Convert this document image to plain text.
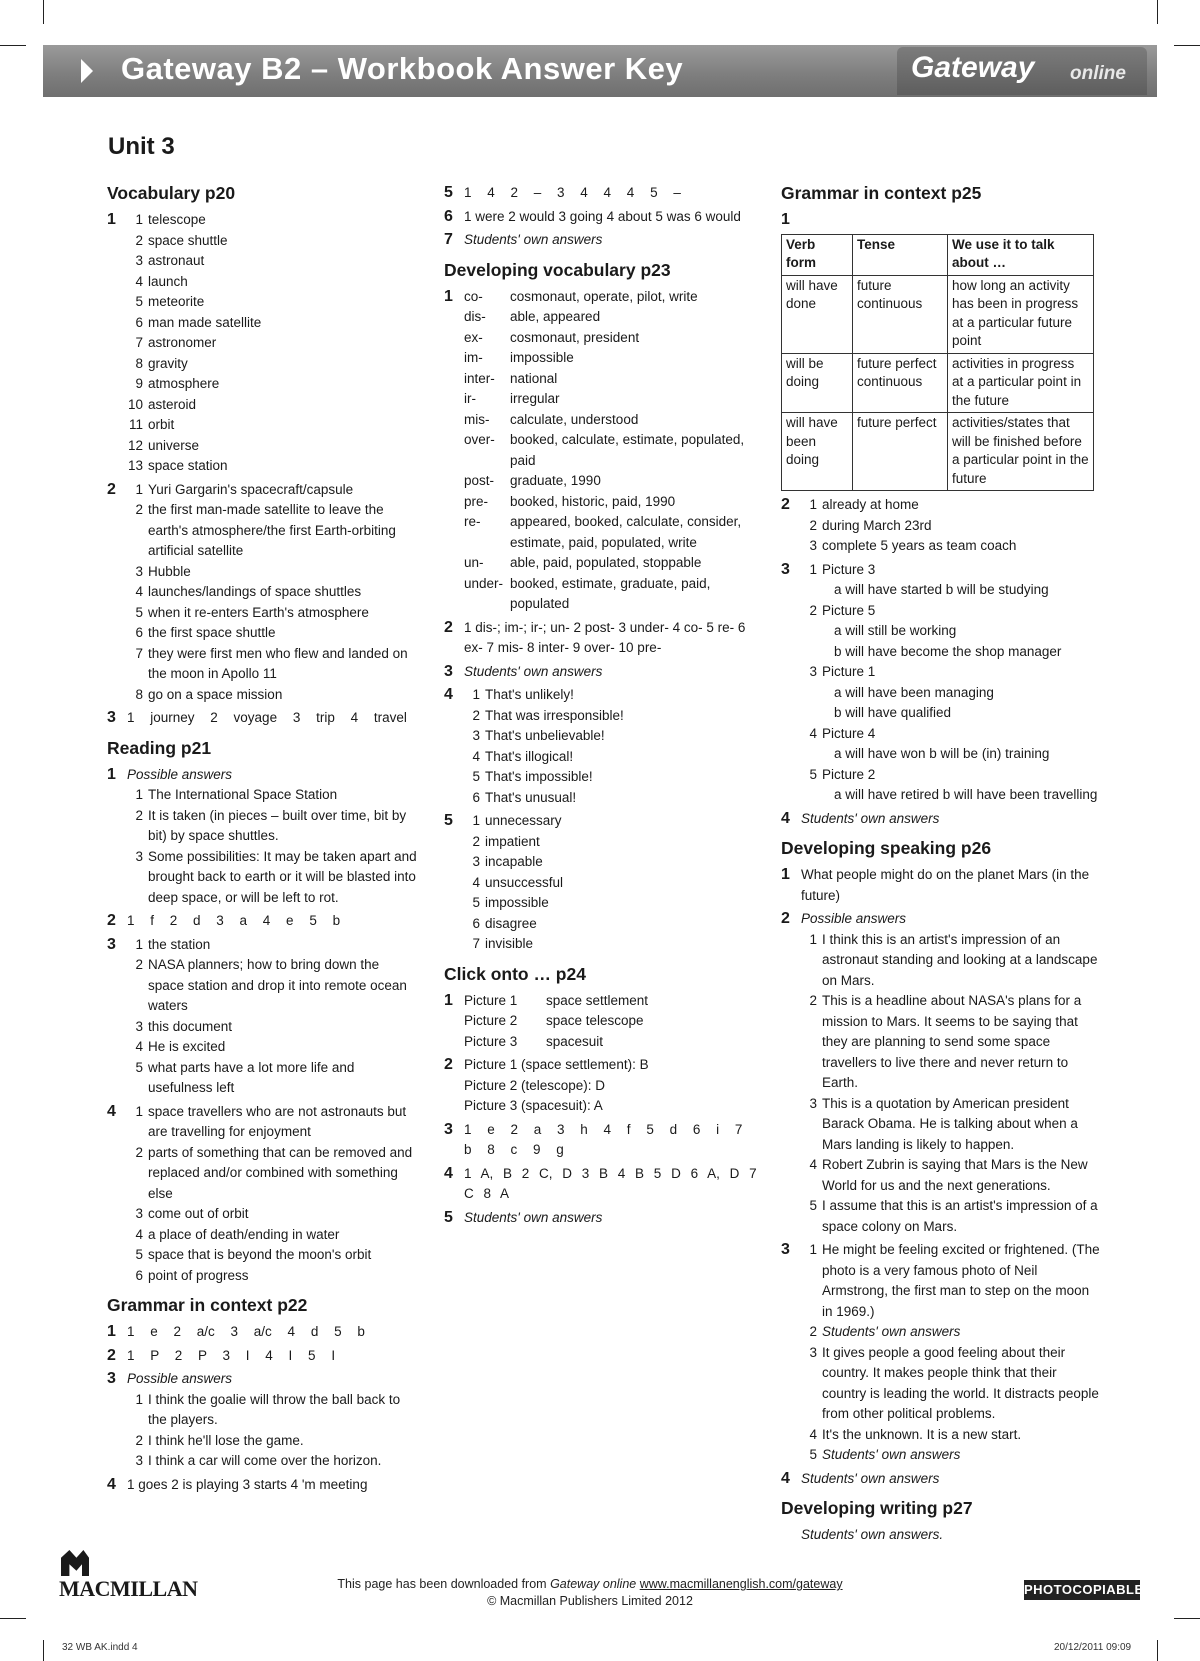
Gateway B2 – Workbook Answer Key	Gateway online
Unit 3
Vocabulary p20
1	1 telescope
2 space shuttle
3 astronaut
4 launch
5 meteorite
6 man made satellite
7 astronomer
8 gravity
9 atmosphere
10 asteroid
11 orbit
12 universe
13 space station
2	1 Yuri Gargarin's spacecraft/capsule
2 the first man-made satellite to leave the earth's atmosphere/the first Earth-orbiting artificial satellite
3 Hubble
4 launches/landings of space shuttles
5 when it re-enters Earth's atmosphere
6 the first space shuttle
7 they were first men who flew and landed on the moon in Apollo 11
8 go on a space mission
3 1 journey 2 voyage 3 trip 4 travel
Reading p21
1 Possible answers
1 The International Space Station
2 It is taken (in pieces – built over time, bit by bit) by space shuttles.
3 Some possibilities: It may be taken apart and brought back to earth or it will be blasted into deep space, or will be left to rot.
2 1 f 2 d 3 a 4 e 5 b
3	1 the station
2 NASA planners; how to bring down the space station and drop it into remote ocean waters
3 this document
4 He is excited
5 what parts have a lot more life and usefulness left
4	1 space travellers who are not astronauts but are travelling for enjoyment
2 parts of something that can be removed and replaced and/or combined with something else
3 come out of orbit
4 a place of death/ending in water
5 space that is beyond the moon's orbit
6 point of progress
Grammar in context p22
1 1 e 2 a/c 3 a/c 4 d 5 b
2 1 P 2 P 3 I 4 I 5 I
3 Possible answers
1 I think the goalie will throw the ball back to the players.
2 I think he'll lose the game.
3 I think a car will come over the horizon.
4 1 goes 2 is playing 3 starts 4 'm meeting
5 1 4 2 – 3 4 4 4 5 –
6 1 were 2 would 3 going 4 about 5 was 6 would
7 Students' own answers
Developing vocabulary p23
1 co-	cosmonaut, operate, pilot, write
dis-	able, appeared
ex-	cosmonaut, president
im-	impossible
inter-	national
ir-	irregular
mis-	calculate, understood
over-	booked, calculate, estimate, populated, paid
post-	graduate, 1990
pre-	booked, historic, paid, 1990
re-	appeared, booked, calculate, consider, estimate, paid, populated, write
un-	able, paid, populated, stoppable
under- booked, estimate, graduate, paid, populated
2 1 dis-; im-; ir-; un- 2 post- 3 under- 4 co- 5 re- 6 ex- 7 mis- 8 inter- 9 over- 10 pre-
3 Students' own answers
4	1 That's unlikely!
2 That was irresponsible!
3 That's unbelievable!
4 That's illogical!
5 That's impossible!
6 That's unusual!
5	1 unnecessary
2 impatient
3 incapable
4 unsuccessful
5 impossible
6 disagree
7 invisible
Click onto … p24
1 Picture 1	space settlement
Picture 2	space telescope
Picture 3	spacesuit
2 Picture 1 (space settlement): B
Picture 2 (telescope): D
Picture 3 (spacesuit): A
3 1 e 2 a 3 h 4 f 5 d 6 i 7 b 8 c 9 g
4 1 A, B 2 C, D 3 B 4 B 5 D 6 A, D 7 C 8 A
5 Students' own answers
Grammar in context p25
1
Verb form	Tense	We use it to talk about …
will have done	future continuous	how long an activity has been in progress at a particular future point
will be doing	future perfect continuous	activities in progress at a particular point in the future
will have been doing	future perfect	activities/states that will be finished before a particular point in the future
2	1 already at home
2 during March 23rd
3 complete 5 years as team coach
3	1 Picture 3
a will have started b will be studying
2 Picture 5
a will still be working
b will have become the shop manager
3 Picture 1
a will have been managing
b will have qualified
4 Picture 4
a will have won b will be (in) training
5 Picture 2
a will have retired b will have been travelling
4 Students' own answers
Developing speaking p26
1 What people might do on the planet Mars (in the future)
2 Possible answers
1 I think this is an artist's impression of an astronaut standing and looking at a landscape on Mars.
2 This is a headline about NASA's plans for a mission to Mars. It seems to be saying that they are planning to send some space travellers to live there and never return to Earth.
3 This is a quotation by American president Barack Obama. He is talking about when a Mars landing is likely to happen.
4 Robert Zubrin is saying that Mars is the New World for us and the next generations.
5 I assume that this is an artist's impression of a space colony on Mars.
3	1 He might be feeling excited or frightened. (The photo is a very famous photo of Neil Armstrong, the first man to step on the moon in 1969.)
2 Students' own answers
3 It gives people a good feeling about their country. It makes people think that their country is leading the world. It distracts people from other political problems.
4 It's the unknown. It is a new start.
5 Students' own answers
4 Students' own answers
Developing writing p27
Students' own answers.
MACMILLAN	This page has been downloaded from Gateway online www.macmillanenglish.com/gateway
© Macmillan Publishers Limited 2012
PHOTOCOPIABLE
32 WB AK.indd 4	20/12/2011 09:09
